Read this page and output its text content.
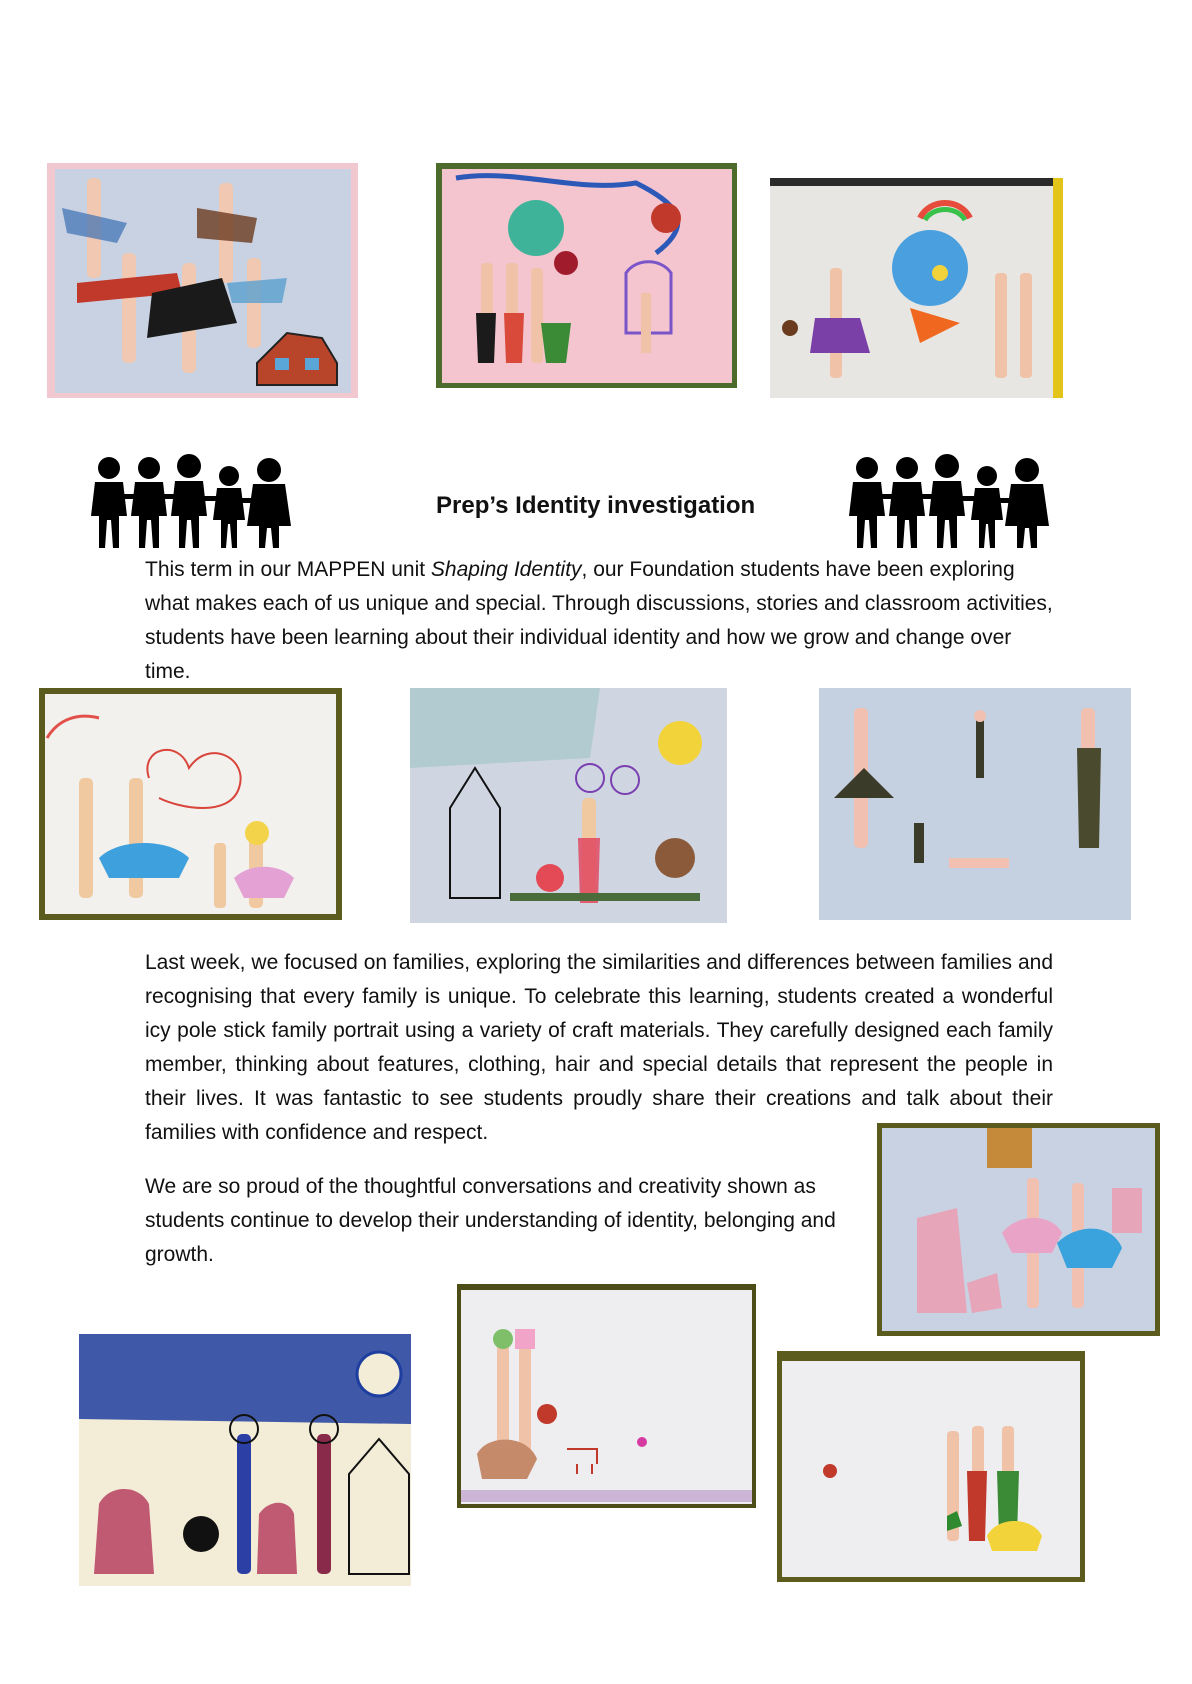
Prep’s Identity investigation

This term in our MAPPEN unit Shaping Identity, our Foundation students have been exploring what makes each of us unique and special. Through discussions, stories and classroom activities, students have been learning about their individual identity and how we grow and change over time.

Last week, we focused on families, exploring the similarities and differences between families and recognising that every family is unique. To celebrate this learning, students created a wonderful icy pole stick family portrait using a variety of craft materials. They carefully designed each family member, thinking about features, clothing, hair and special details that represent the people in their lives. It was fantastic to see students proudly share their creations and talk about their families with confidence and respect.

We are so proud of the thoughtful conversations and creativity shown as students continue to develop their understanding of identity, belonging and growth.
